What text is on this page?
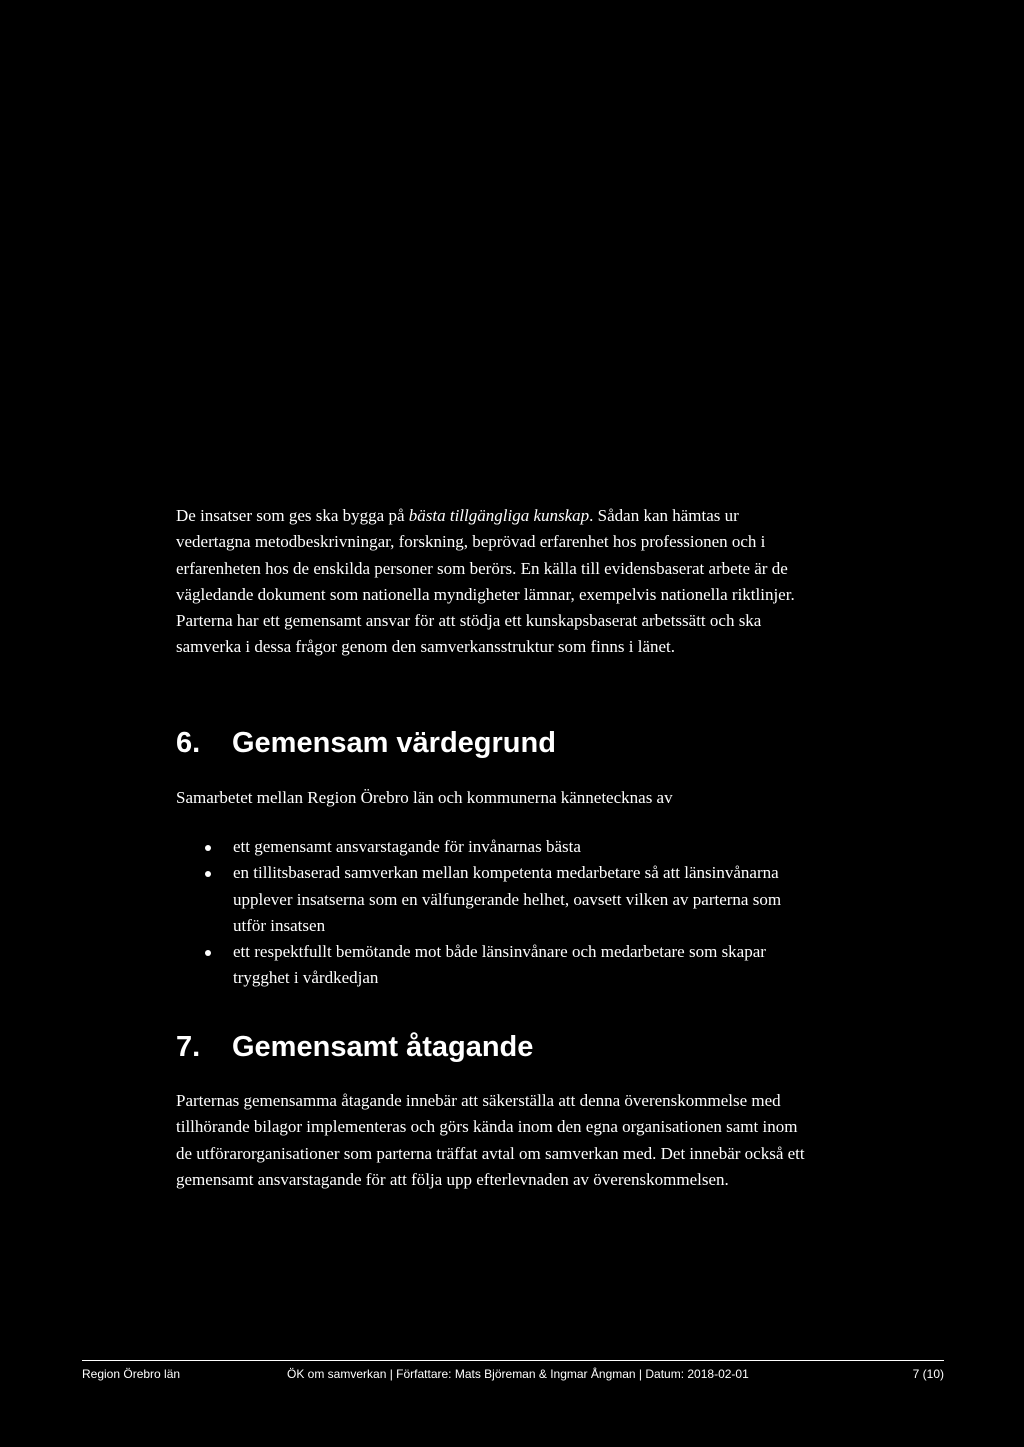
De insatser som ges ska bygga på bästa tillgängliga kunskap. Sådan kan hämtas ur vedertagna metodbeskrivningar, forskning, beprövad erfarenhet hos professionen och i erfarenheten hos de enskilda personer som berörs. En källa till evidensbaserat arbete är de vägledande dokument som nationella myndigheter lämnar, exempelvis nationella riktlinjer. Parterna har ett gemensamt ansvar för att stödja ett kunskapsbaserat arbetssätt och ska samverka i dessa frågor genom den samverkansstruktur som finns i länet.

6. Gemensam värdegrund

Samarbetet mellan Region Örebro län och kommunerna kännetecknas av

ett gemensamt ansvarstagande för invånarnas bästa
en tillitsbaserad samverkan mellan kompetenta medarbetare så att länsinvånarna upplever insatserna som en välfungerande helhet, oavsett vilken av parterna som utför insatsen
ett respektfullt bemötande mot både länsinvånare och medarbetare som skapar trygghet i vårdkedjan
7. Gemensamt åtagande

Parternas gemensamma åtagande innebär att säkerställa att denna överenskommelse med tillhörande bilagor implementeras och görs kända inom den egna organisationen samt inom de utförarorganisationer som parterna träffat avtal om samverkan med. Det innebär också ett gemensamt ansvarstagande för att följa upp efterlevnaden av överenskommelsen.

Region Örebro län	ÖK om samverkan | Författare: Mats Björeman & Ingmar Ångman | Datum: 2018-02-01	7 (10)
